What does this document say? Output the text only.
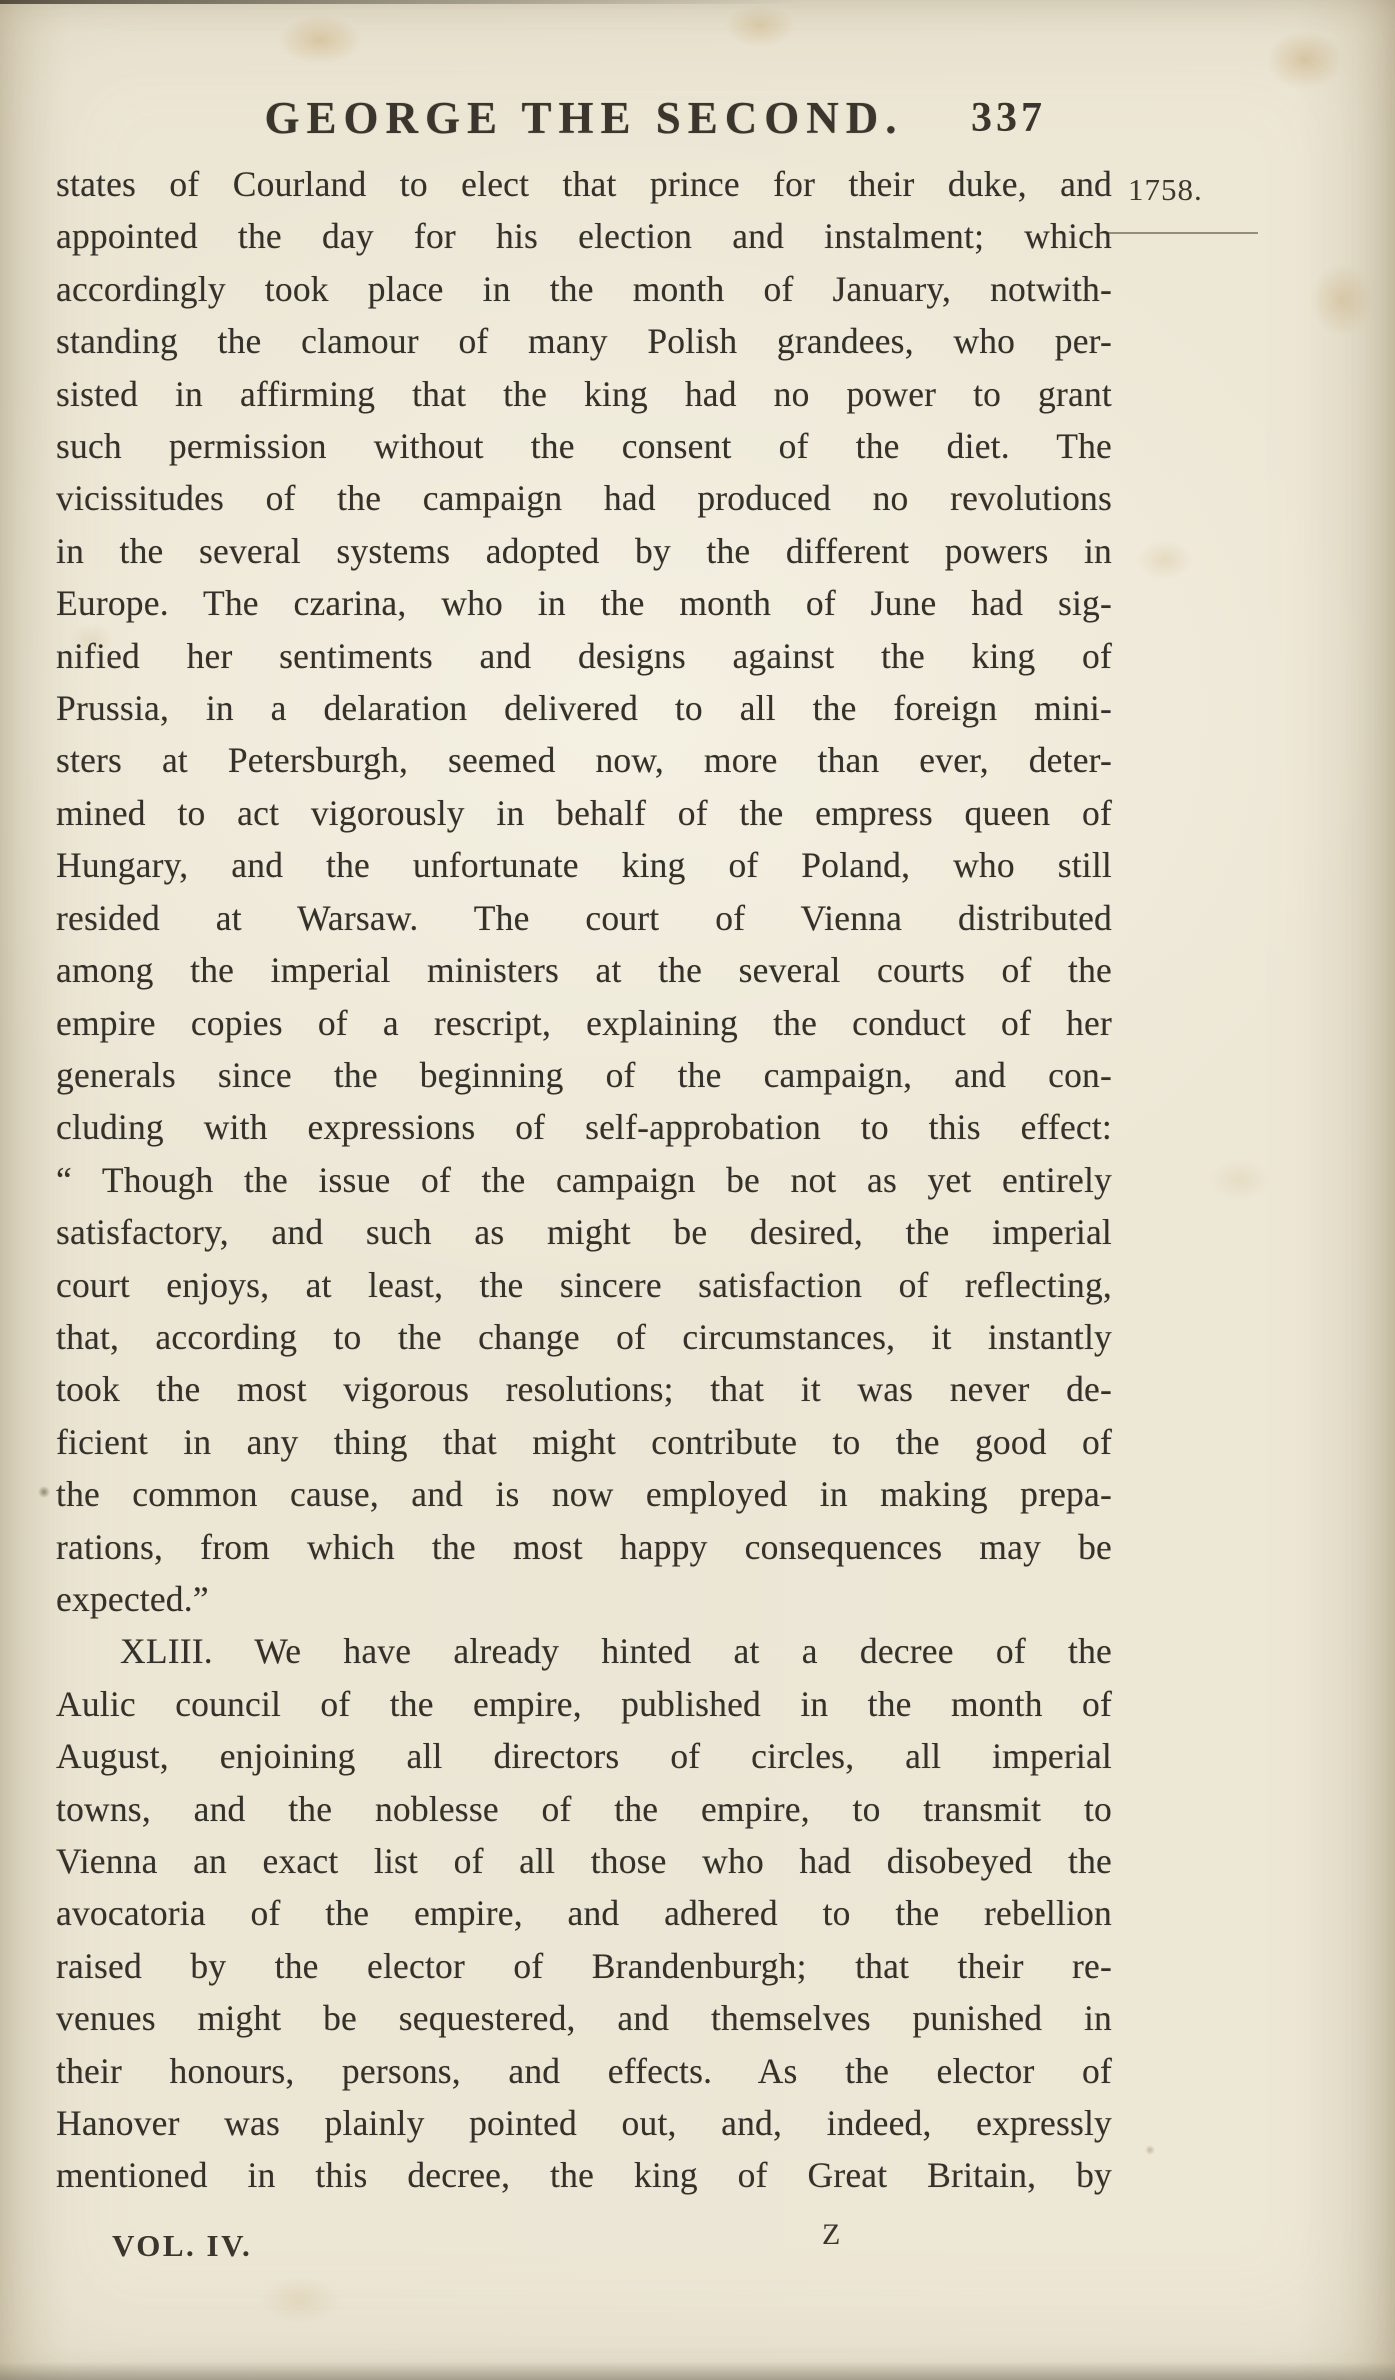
GEORGE THE SECOND.	337
1758.
states of Courland to elect that prince for their duke, and
appointed the day for his election and instalment; which
accordingly took place in the month of January, notwith-
standing the clamour of many Polish grandees, who per-
sisted in affirming that the king had no power to grant
such permission without the consent of the diet. The
vicissitudes of the campaign had produced no revolutions
in the several systems adopted by the different powers in
Europe. The czarina, who in the month of June had sig-
nified her sentiments and designs against the king of
Prussia, in a delaration delivered to all the foreign mini-
sters at Petersburgh, seemed now, more than ever, deter-
mined to act vigorously in behalf of the empress queen of
Hungary, and the unfortunate king of Poland, who still
resided at Warsaw. The court of Vienna distributed
among the imperial ministers at the several courts of the
empire copies of a rescript, explaining the conduct of her
generals since the beginning of the campaign, and con-
cluding with expressions of self-approbation to this effect:
“ Though the issue of the campaign be not as yet entirely
satisfactory, and such as might be desired, the imperial
court enjoys, at least, the sincere satisfaction of reflecting,
that, according to the change of circumstances, it instantly
took the most vigorous resolutions; that it was never de-
ficient in any thing that might contribute to the good of
the common cause, and is now employed in making prepa-
rations, from which the most happy consequences may be
expected.”
XLIII. We have already hinted at a decree of the
Aulic council of the empire, published in the month of
August, enjoining all directors of circles, all imperial
towns, and the noblesse of the empire, to transmit to
Vienna an exact list of all those who had disobeyed the
avocatoria of the empire, and adhered to the rebellion
raised by the elector of Brandenburgh; that their re-
venues might be sequestered, and themselves punished in
their honours, persons, and effects. As the elector of
Hanover was plainly pointed out, and, indeed, expressly
mentioned in this decree, the king of Great Britain, by
VOL. IV.	Z
